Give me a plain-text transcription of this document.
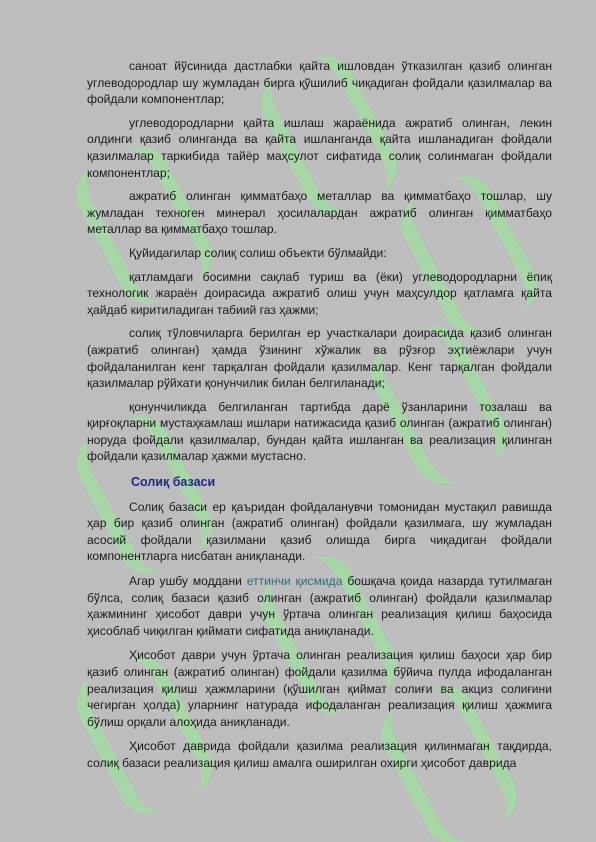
саноат йўсинида дастлабки қайта ишловдан ўтказилган қазиб олинган углеводородлар шу жумладан бирга қўшилиб чиқадиган фойдали қазилмалар ва фойдали компонентлар;

углеводородларни қайта ишлаш жараёнида ажратиб олинган, лекин олдинги қазиб олинганда ва қайта ишланганда қайта ишланадиган фойдали қазилмалар таркибида тайёр маҳсулот сифатида солиқ солинмаган фойдали компонентлар;

ажратиб олинган қимматбаҳо металлар ва қимматбаҳо тошлар, шу жумладан техноген минерал ҳосилалардан ажратиб олинган қимматбаҳо металлар ва қимматбаҳо тошлар.

Қуйидагилар солиқ солиш объекти бўлмайди:

қатламдаги босимни сақлаб туриш ва (ёки) углеводородларни ёпиқ технологик жараён доирасида ажратиб олиш учун маҳсулдор қатламга қайта ҳайдаб киритиладиган табиий газ ҳажми;

солиқ тўловчиларга берилган ер участкалари доирасида қазиб олинган (ажратиб олинган) ҳамда ўзининг хўжалик ва рўзғор эҳтиёжлари учун фойдаланилган кенг тарқалган фойдали қазилмалар. Кенг тарқалган фойдали қазилмалар рўйхати қонунчилик билан белгиланади;

қонунчиликда белгиланган тартибда дарё ўзанларини тозалаш ва қирғоқларни мустаҳкамлаш ишлари натижасида қазиб олинган (ажратиб олинган) норуда фойдали қазилмалар, бундан қайта ишланган ва реализация қилинган фойдали қазилмалар ҳажми мустасно.

Солиқ базаси

Солиқ базаси ер қаъридан фойдаланувчи томонидан мустақил равишда ҳар бир қазиб олинган (ажратиб олинган) фойдали қазилмага, шу жумладан асосий фойдали қазилмани қазиб олишда бирга чиқадиган фойдали компонентларга нисбатан аниқланади.

Агар ушбу моддани еттинчи қисмида бошқача қоида назарда тутилмаган бўлса, солиқ базаси қазиб олинган (ажратиб олинган) фойдали қазилмалар ҳажмининг ҳисобот даври учун ўртача олинган реализация қилиш баҳосида ҳисоблаб чиқилган қиймати сифатида аниқланади.

Ҳисобот даври учун ўртача олинган реализация қилиш баҳоси ҳар бир қазиб олинган (ажратиб олинган) фойдали қазилма бўйича пулда ифодаланган реализация қилиш ҳажмларини (қўшилган қиймат солиғи ва акциз солиғини чегирган ҳолда) уларнинг натурада ифодаланган реализация қилиш ҳажмига бўлиш орқали алоҳида аниқланади.

Ҳисобот даврида фойдали қазилма реализация қилинмаган тақдирда, солиқ базаси реализация қилиш амалга оширилган охирги ҳисобот даврида
